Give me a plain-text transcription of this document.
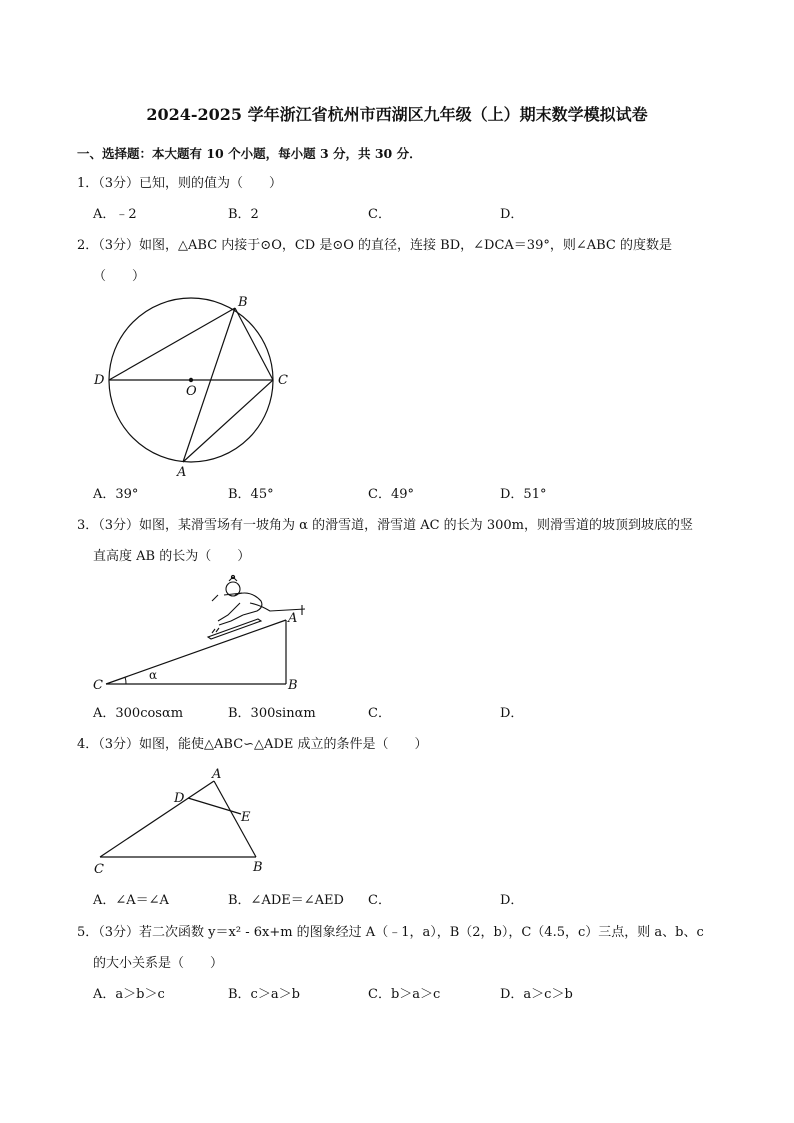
2024-2025 学年浙江省杭州市西湖区九年级（上）期末数学模拟试卷
一、选择题：本大题有 10 个小题，每小题 3 分，共 30 分．
1．（3分）已知，则的值为（　　）
A．﹣2	B．2	C．	D．
2．（3分）如图，△ABC 内接于⊙O，CD 是⊙O 的直径，连接 BD，∠DCA＝39°，则∠ABC 的度数是
（　　）
B
D
O
C
A
A．39°	B．45°	C．49°	D．51°
3．（3分）如图，某滑雪场有一坡角为 α 的滑雪道，滑雪道 AC 的长为 300m，则滑雪道的坡顶到坡底的竖
直高度 AB 的长为（　　）
A
C	B
α
A．300cosαm	B．300sinαm	C．	D．
4．（3分）如图，能使△ABC∽△ADE 成立的条件是（　　）
A
D
E
C	B
A．∠A＝∠A	B．∠ADE＝∠AED C．	D．
5．（3分）若二次函数 y＝x² - 6x+m 的图象经过 A（﹣1，a），B（2，b），C（4.5，c）三点，则 a、b、c
的大小关系是（　　）
A．a＞b＞c	B．c＞a＞b	C．b＞a＞c	D．a＞c＞b
